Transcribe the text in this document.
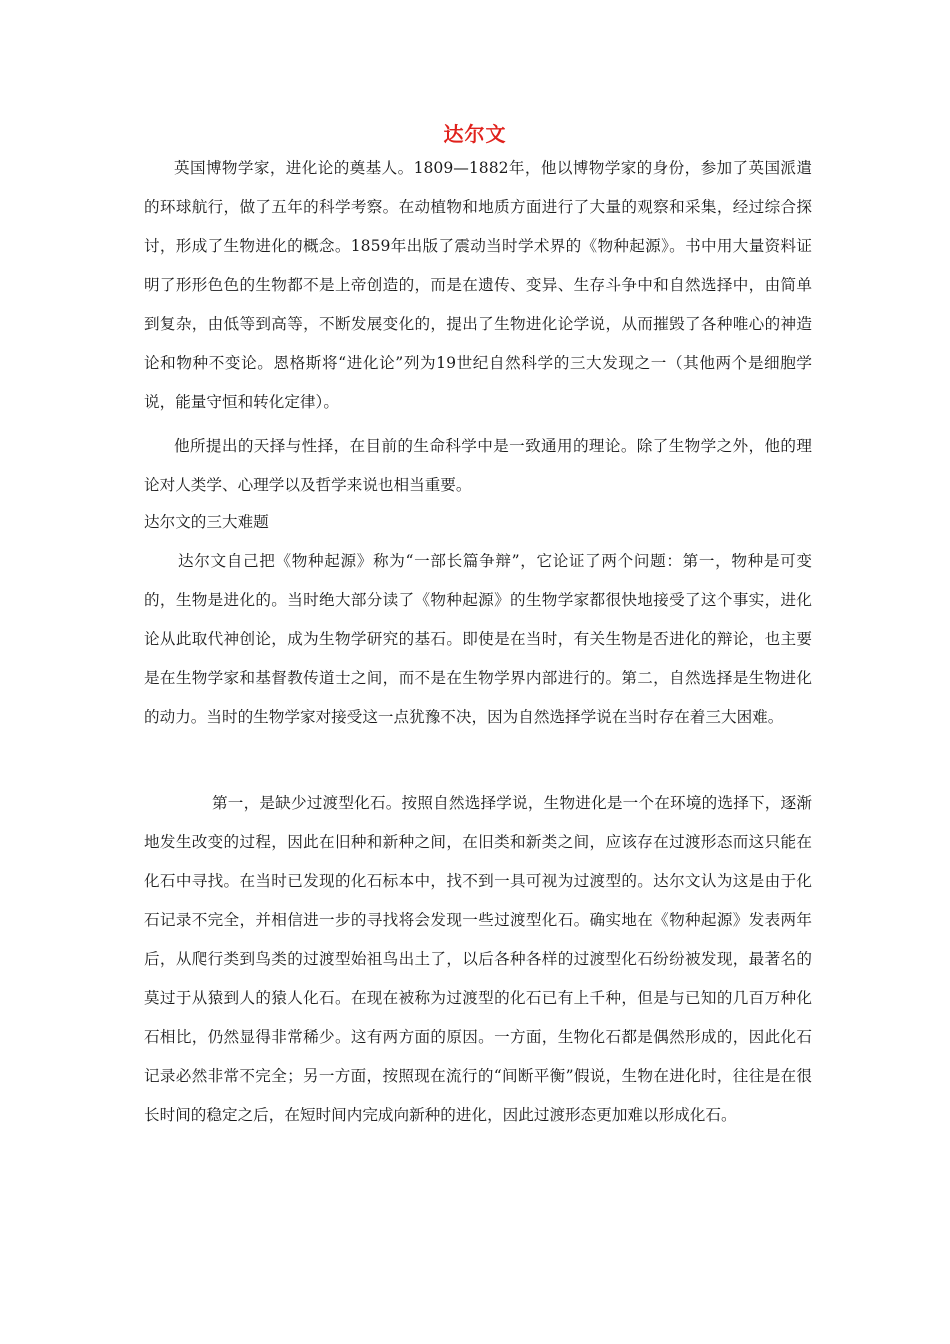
达尔文

英国博物学家，进化论的奠基人。1809—1882年，他以博物学家的身份，参加了英国派遣的环球航行，做了五年的科学考察。在动植物和地质方面进行了大量的观察和采集，经过综合探讨，形成了生物进化的概念。1859年出版了震动当时学术界的《物种起源》。书中用大量资料证明了形形色色的生物都不是上帝创造的，而是在遗传、变异、生存斗争中和自然选择中，由简单到复杂，由低等到高等，不断发展变化的，提出了生物进化论学说，从而摧毁了各种唯心的神造论和物种不变论。恩格斯将“进化论”列为19世纪自然科学的三大发现之一（其他两个是细胞学说，能量守恒和转化定律）。

他所提出的天择与性择，在目前的生命科学中是一致通用的理论。除了生物学之外，他的理论对人类学、心理学以及哲学来说也相当重要。

达尔文的三大难题

达尔文自己把《物种起源》称为“一部长篇争辩”，它论证了两个问题：第一，物种是可变的，生物是进化的。当时绝大部分读了《物种起源》的生物学家都很快地接受了这个事实，进化论从此取代神创论，成为生物学研究的基石。即使是在当时，有关生物是否进化的辩论，也主要是在生物学家和基督教传道士之间，而不是在生物学界内部进行的。第二，自然选择是生物进化的动力。当时的生物学家对接受这一点犹豫不决，因为自然选择学说在当时存在着三大困难。

第一，是缺少过渡型化石。按照自然选择学说，生物进化是一个在环境的选择下，逐渐地发生改变的过程，因此在旧种和新种之间，在旧类和新类之间，应该存在过渡形态而这只能在化石中寻找。在当时已发现的化石标本中，找不到一具可视为过渡型的。达尔文认为这是由于化石记录不完全，并相信进一步的寻找将会发现一些过渡型化石。确实地在《物种起源》发表两年后，从爬行类到鸟类的过渡型始祖鸟出土了，以后各种各样的过渡型化石纷纷被发现，最著名的莫过于从猿到人的猿人化石。在现在被称为过渡型的化石已有上千种，但是与已知的几百万种化石相比，仍然显得非常稀少。这有两方面的原因。一方面，生物化石都是偶然形成的，因此化石记录必然非常不完全；另一方面，按照现在流行的“间断平衡”假说，生物在进化时，往往是在很长时间的稳定之后，在短时间内完成向新种的进化，因此过渡形态更加难以形成化石。
